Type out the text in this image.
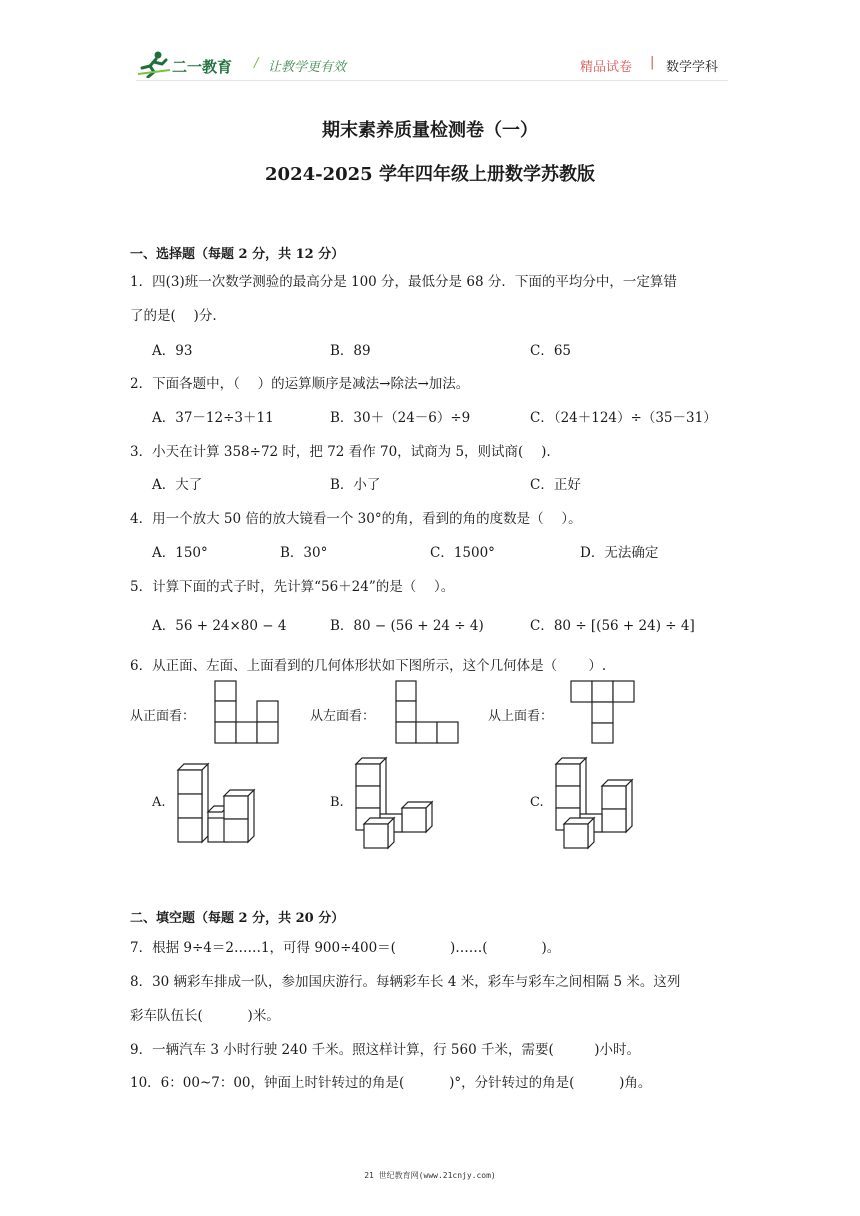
二一教育 / 让教学更有效	精品试卷 | 数学学科
期末素养质量检测卷（一）
2024-2025 学年四年级上册数学苏教版
一、选择题（每题 2 分，共 12 分）
1．四(3)班一次数学测验的最高分是 100 分，最低分是 68 分．下面的平均分中，一定算错
了的是(　 )分.
A．93	B．89	C．65
2．下面各题中，（　 ）的运算顺序是减法→除法→加法。
A．37－12÷3＋11	B．30＋（24－6）÷9	C．（24＋124）÷（35－31）
3．小天在计算 358÷72 时，把 72 看作 70，试商为 5，则试商(　 ).
A．大了	B．小了	C．正好
4．用一个放大 50 倍的放大镜看一个 30°的角，看到的角的度数是（　 ）。
A．150°	B．30°	C．1500°	D．无法确定
5．计算下面的式子时，先计算“56＋24”的是（　 ）。
A．56 + 24×80 − 4	B．80 − (56 + 24 ÷ 4)	C．80 ÷ [(56 + 24) ÷ 4]
6．从正面、左面、上面看到的几何体形状如下图所示，这个几何体是（　　 ）.
从正面看：	从左面看：	从上面看：
A.	B.	C.
二、填空题（每题 2 分，共 20 分）
7．根据 9÷4＝2……1，可得 900÷400＝(　　　　)……(　　　　)。
8．30 辆彩车排成一队，参加国庆游行。每辆彩车长 4 米，彩车与彩车之间相隔 5 米。这列
彩车队伍长(　　　 )米。
9．一辆汽车 3 小时行驶 240 千米。照这样计算，行 560 千米，需要(　　　)小时。
10．6：00~7：00，钟面上时针转过的角是(　　　 )°，分针转过的角是(　　　 )角。
21 世纪教育网(www.21cnjy.com)
